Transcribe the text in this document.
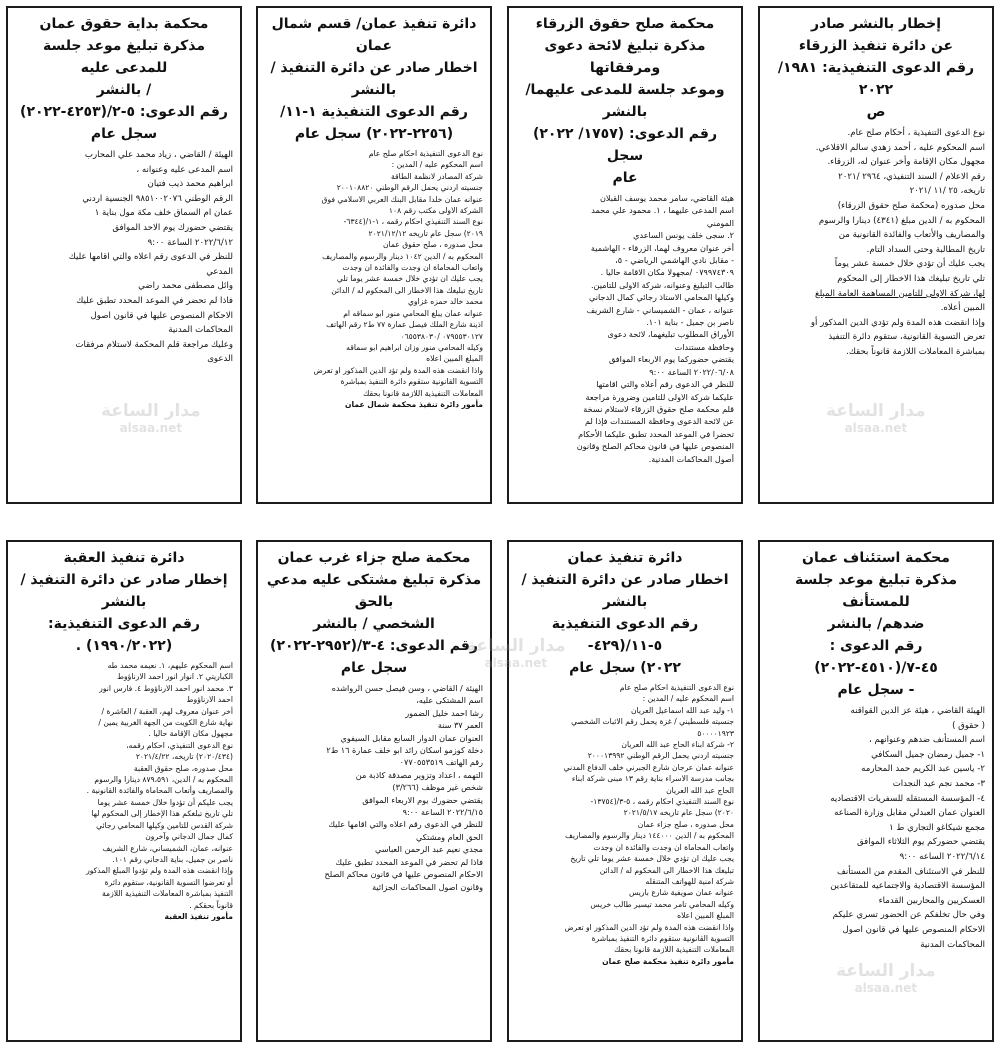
إخطار بالنشر صادر
عن دائرة تنفيذ الزرقاء
رقم الدعوى التنفيذية: ١٩٨١/ ٢٠٢٢
ص
نوع الدعوى التنفيذية ، أحكام صلح عام.
اسم المحكوم عليه ، أحمد زهدي سالم الاقلاعي.
مجهول مكان الإقامة وأخر عنوان له، الزرقاء.
رقم الاعلام / السند التنفيذي، ٢٩٦٤ /٢٠٢١
تاريخه، ٢٥ /١١ /٢٠٢١
محل صدوره (محكمة صلح حقوق الزرقاء)
المحكوم به / الدين مبلغ (٤٣٤١) دينارا والرسوم
والمصاريف والأتعاب والفائدة القانونية من
تاريخ المطالبة وحتى السداد التام.
يجب عليك أن تؤدي خلال خمسة عشر يوماً
تلي تاريخ تبليغك هذا الاخطار إلى المحكوم
لها، شركة الاولى للتامين المساهمة العامة المبلغ
المبين أعلاه.
وإذا انقضت هذه المدة ولم تؤدي الدين المذكور أو
تعرض التسوية القانونية، ستقوم دائرة التنفيذ
بمباشرة المعاملات اللازمة قانوناً بحقك.
محكمة صلح حقوق الزرقاء
مذكرة تبليغ لائحة دعوى ومرفقاتها
وموعد جلسة للمدعى عليهما/بالنشر
رقم الدعوى: (١٧٥٧/ ٢٠٢٢) سجل
عام
هيئة القاضي، سامر محمد يوسف القبلان
اسم المدعى عليهما ، ١. محمود علي محمد
المومني
٢. سجى خلف يونس الساعدي
أخر عنوان معروف لهما، الزرقاء - الهاشمية
- مقابل نادي الهاشمي الرياضي - ٥،
٠٧٩٩٧٤٣٠٩ /مجهولا مكان الاقامة حاليا .
طالب التبليغ وعنوانه، شركة الاولى للتامين.
وكيلها المحامي الاستاذ رجائي كمال الدجاني
عنوانه ، عمان - الشميساني - شارع الشريف
ناصر بن جميل - بناية ١٠١.
الأوراق المطلوب تبليغهما، لائحة دعوى
وحافظة مستندات
يقتضي حضوركما يوم الاربعاء الموافق
٢٠٢٢/٠٦/٠٨ الساعة ٩:٠٠
للنظر في الدعوى رقم أعلاه والتي اقامتها
عليكما شركة الاولى للتامين وضرورة مراجعة
قلم محكمة صلح حقوق الزرقاء لاستلام نسخة
عن لائحة الدعوى وحافظة المستندات فإذا لم
تحضرا في الموعد المحدد تطبق عليكما الأحكام
المنصوص عليها في قانون محاكم الصلح وقانون
أصول المحاكمات المدنية.
دائرة تنفيذ عمان/ قسم شمال عمان
اخطار صادر عن دائرة التنفيذ / بالنشر
رقم الدعوى التنفيذية ١-١١/
(٢٢٥٦-٢٠٢٢) سجل عام
نوع الدعوى التنفيذية احكام صلح عام
اسم المحكوم عليه / المدين :
شركة المصادر لانظمة الطاقة
جنسيته اردني يحمل الرقم الوطني ٢٠٠١٠٨٨٢٠
عنوانه عمان خلدا مقابل البنك العربي الاسلامي فوق
الشركة الاولى مكتب رقم ١٠٨
نوع السند التنفيذي احكام رقمه ، ١-١/(٦٣٤٤-
٢٠١٩) سجل عام تاريخه ٢٠٢١/١٢/١٢
محل صدوره ، صلح حقوق عمان
المحكوم به / الدين ١٠٤٢ دينار والرسوم والمصاريف
واتعاب المحاماة ان وجدت والفائدة ان وجدت
يجب عليك ان تؤدي خلال خمسة عشر يوما تلي
تاريخ تبليغك هذا الاخطار الى المحكوم له / الدائن
محمد خالد حمزه غزاوي
عنوانه عمان يبلغ المحامي منور ابو سماقه ام
اذينة شارع الملك فيصل عمارة ٧٧ ط٢ رقم الهاتف
٠٧٩٥٥٣٠١٢٧ /٠٦٥٥٣٨٠٣٠
وكيله المحامي منور وزان ابراهيم ابو سماقه
المبلغ المبين اعلاه
واذا انقضت هذه المدة ولم تؤد الدين المذكور او تعرض
التسوية القانونية ستقوم دائرة التنفيذ بمباشرة
المعاملات التنفيذية اللازمة قانونا بحقك
مأمور دائرة تنفيذ محكمة شمال عمان
محكمة بداية حقوق عمان
مذكرة تبليغ موعد جلسة للمدعى عليه
/ بالنشر
رقم الدعوى: ٥-٢/(٤٢٥٣-٢٠٢٢)
سجل عام
الهيئة / القاضي ، زياد محمد علي المحارب
اسم المدعى عليه وعنوانه ،
ابراهيم محمد ذيب فتيان
الرقم الوطني ٩٨٥١٠٠٢٠٧٦ الجنسية اردني
عمان ام السماق خلف مكة مول بناية ١
يقتضي حضورك يوم الاحد الموافق
٢٠٢٢/٦/١٢ الساعة ٩:٠٠
للنظر في الدعوى رقم اعلاه والتي اقامها عليك
المدعي
وائل مصطفى محمد راضي
فاذا لم تحضر في الموعد المحدد تطبق عليك
الاحكام المنصوص عليها في قانون اصول
المحاكمات المدنية
وعليك مراجعة قلم المحكمة لاستلام مرفقات
الدعوى
محكمة استئناف عمان
مذكرة تبليغ موعد جلسة للمستأنف
ضدهم/ بالنشر
رقم الدعوى : ٤٥-٧/(٤٥١٠-٢٠٢٢)
- سجل عام
الهيئة القاضي ، هيئة عز الدين القواقنه
( حقوق )
اسم المستأنف ضدهم وعنوانهم ،
١- جميل رمضان جميل السكافي
٢- ياسين عبد الكريم حمد المحارمه
٣- محمد نجم عيد النجدات
٤- المؤسسة المستقله للسفريات الاقتصاديه
العنوان عمان العبدلي مقابل وزارة الصناعه
مجمع شيكاغو التجاري ط ١
يقتضي حضوركم يوم الثلاثاء الموافق
٢٠٢٢/٦/١٤ الساعه ٩:٠٠
للنظر في الاستئناف المقدم من المستأنف
المؤسسة الاقتصادية والاجتماعيه للمتقاعدين
العسكريين والمحاربين القدماء
وفي حال تخلفكم عن الحضور تسري عليكم
الاحكام المنصوص عليها في قانون اصول
المحاكمات المدنية
دائرة تنفيذ عمان
اخطار صادر عن دائرة التنفيذ / بالنشر
رقم الدعوى التنفيذية ٥-١١/(٤٢٩-
٢٠٢٢) سجل عام
نوع الدعوى التنفيذية احكام صلح عام
اسم المحكوم عليه / المدين :
١- وليد عبد الله اسماعيل العريان
جنسيته فلسطيني / غزة يحمل رقم الاثبات الشخصي
٥٠٠٠٠١٩٢٣
٢- شركة ابناء الحاج عبد الله العريان
جنسيته اردني يحمل الرقم الوطني ٢٠٠٠١٣٩٩٢
عنوانه عمان عرجان شارع الجبرني خلف الدفاع المدني
بجانب مدرسة الاسراء بناية رقم ١٣ مبنى شركة ابناء
الحاج عبد الله العريان
نوع السند التنفيذي احكام رقمه ، ٥-٣/(١٣٧٥٤-
٢٠٢٠) سجل عام تاريخه ٢٠٢١/٥/١٧
محل صدوره ، صلح جزاء عمان
المحكوم به / الدين ١٤٤٠٠٠ دينار والرسوم والمصاريف
واتعاب المحاماة ان وجدت والفائدة ان وجدت
يجب عليك ان تؤدي خلال خمسة عشر يوما تلي تاريخ
تبليغك هذا الاخطار الى المحكوم له / الدائن
شركة امنية للهواتف المتنقله
عنوانه عمان صويفية شارع باريس
وكيله المحامي تامر محمد تيسير طالب خريس
المبلغ المبين اعلاه
واذا انقضت هذه المدة ولم تؤد الدين المذكور او تعرض
التسوية القانونية ستقوم دائرة التنفيذ بمباشرة
المعاملات التنفيذية اللازمة قانونا بحقك
مأمور دائرة تنفيذ محكمة صلح عمان
محكمة صلح جزاء غرب عمان
مذكرة تبليغ مشتكى عليه مدعي بالحق
الشخصي / بالنشر
رقم الدعوى: ٤-٣/(٢٩٥٢-٢٠٢٢)
سجل عام
الهيئة / القاضي ، وسن فيصل حسن الرواشده
اسم المشتكى عليه،
رشا احمد خليل الضمور
العمر ٣٧ سنة
العنوان عمان الدوار السابع مقابل السيفوي
دخلة كوزمو اسكان رائد ابو خلف عمارة ١٦ ط٢
رقم الهاتف ٠٧٧٠٥٥٣٥١٩
التهمه ، اعداد وتزوير مصدقة كاذبة من
شخص غير موظف (٣/٢٦٦)
يقتضي حضورك يوم الاربعاء الموافق
٢٠٢٢/٦/١٥ الساعة ٩:٠٠
للنظر في الدعوى رقم اعلاه والتي اقامها عليك
الحق العام ومشتكي
مجدي نعيم عبد الرحمن العباسي
فاذا لم تحضر في الموعد المحدد تطبق عليك
الاحكام المنصوص عليها في قانون محاكم الصلح
وقانون اصول المحاكمات الجزائية
دائرة تنفيذ العقبة
إخطار صادر عن دائرة التنفيذ / بالنشر
رقم الدعوى التنفيذية:
(١٩٩٠/٢٠٢٢) .
اسم المحكوم عليهم، ١. نعيمه محمد طه
الكباريتي ٢. انوار انور احمد الارناؤوط
٣. محمد انور احمد الارناؤوط ٤. فارس انور
احمد الارناؤوط
أخر عنوان معروف لهم، العقبة / العاشرة /
نهاية شارع الكويت من الجهة الغربية يمين /
مجهول مكان الإقامة حاليا .
نوع الدعوى التنفيذي، احكام رقمه،
(٢٠٢٠/٤٣٤) تاريخه، ٢٠٢١/٤/٢٢
محل صدوره، صلح حقوق العقبة
المحكوم به / الدين، ٨٧٩،٥٩١ دينارا والرسوم
والمصاريف وأتعاب المحاماة والفائدة القانونية .
يجب عليكم أن تؤدوا خلال خمسة عشر يوما
تلي تاريخ تبلغكم هذا الإخطار إلى المحكوم لها
شركة القدس للتامين وكيلها المحامي رجائي
كمال جمال الدجاني وآخرون
عنوانه، عمان، الشميساني، شارع الشريف
ناصر بن جميل، بناية الدجاني رقم ١٠١.
وإذا انقضت هذه المدة ولم تؤدوا المبلغ المذكور
أو تعرضوا التسوية القانونية، ستقوم دائرة
التنفيذ بمباشرة المعاملات التنفيذية اللازمة
قانوناً بحقكم .
مأمور تنفيذ العقبة
مدار الساعة
alsaa.net
مدار الساعة
alsaa.net
مدار الساعة
alsaa.net
مدار الساعة
alsaa.net
